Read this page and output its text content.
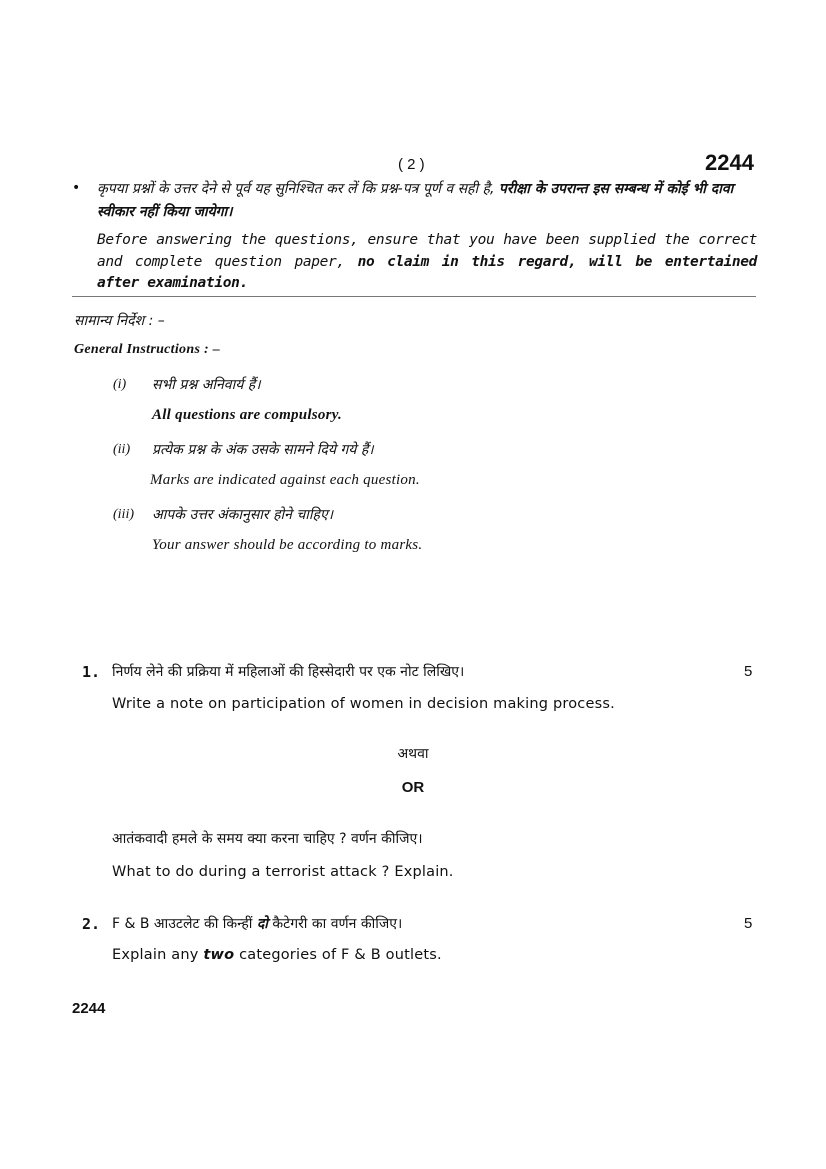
( 2 )	2244
• कृपया प्रश्नों के उत्तर देने से पूर्व यह सुनिश्चित कर लें कि प्रश्न-पत्र पूर्ण व सही है, परीक्षा के उपरान्त इस सम्बन्ध में कोई भी दावा स्वीकार नहीं किया जायेगा।
Before answering the questions, ensure that you have been supplied the correct and complete question paper, no claim in this regard, will be entertained after examination.
सामान्य निर्देश : –
General Instructions : –
(i) सभी प्रश्न अनिवार्य हैं।
All questions are compulsory.
(ii) प्रत्येक प्रश्न के अंक उसके सामने दिये गये हैं।
Marks are indicated against each question.
(iii) आपके उत्तर अंकानुसार होने चाहिए।
Your answer should be according to marks.
1. निर्णय लेने की प्रक्रिया में महिलाओं की हिस्सेदारी पर एक नोट लिखिए।	5
Write a note on participation of women in decision making process.
अथवा
OR
आतंकवादी हमले के समय क्या करना चाहिए ? वर्णन कीजिए।
What to do during a terrorist attack ? Explain.
2. F & B आउटलेट की किन्हीं दो कैटेगरी का वर्णन कीजिए।	5
Explain any two categories of F & B outlets.
2244
